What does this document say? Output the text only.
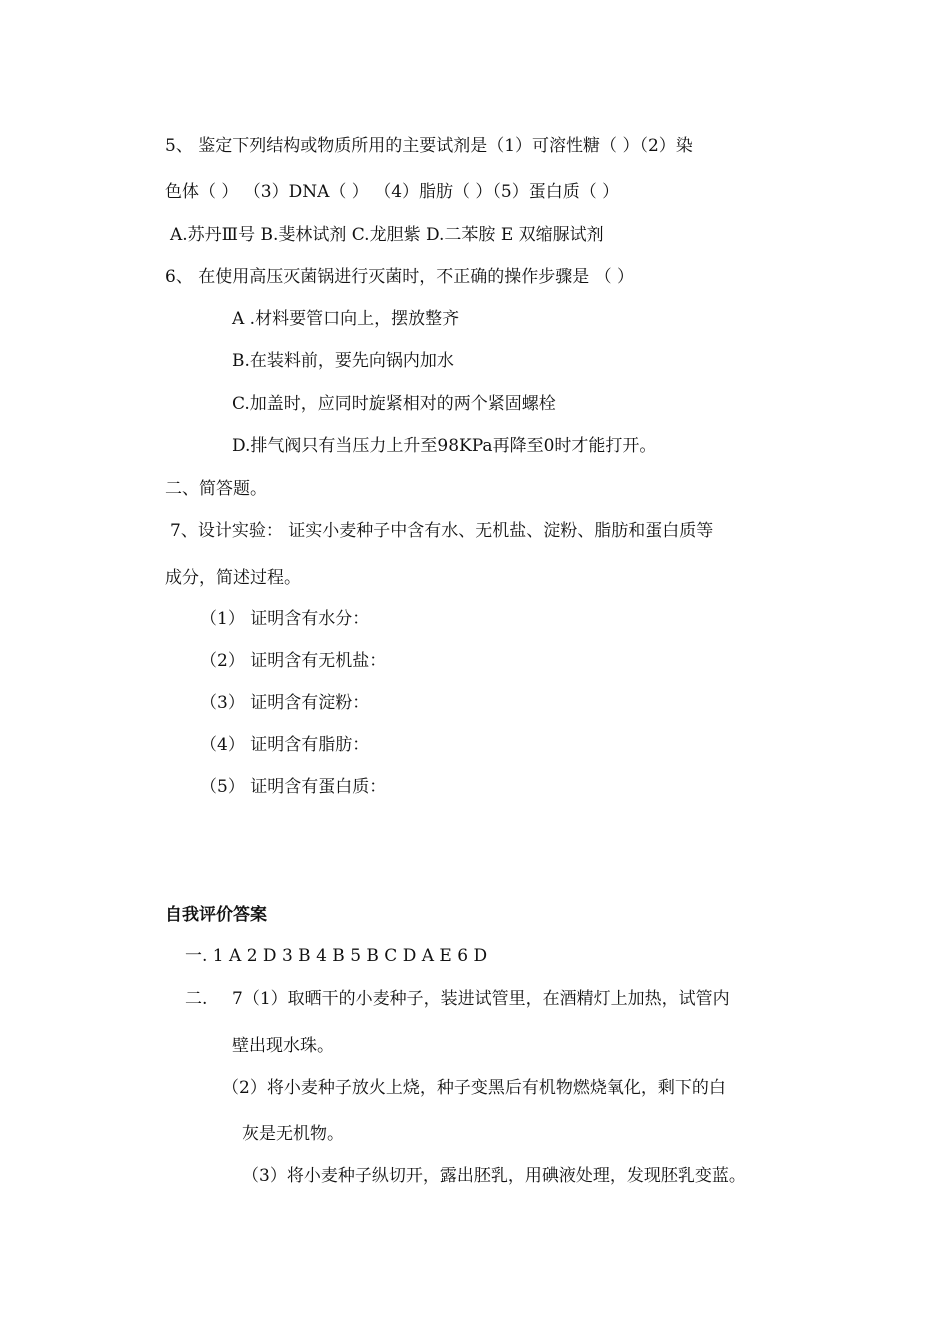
5、 鉴定下列结构或物质所用的主要试剂是（1）可溶性糖（ ）（2）染
色体（ ） （3）DNA（ ） （4）脂肪（ ）（5）蛋白质（ ）
A.苏丹Ⅲ号 B.斐林试剂 C.龙胆紫 D.二苯胺 E 双缩脲试剂
6、 在使用高压灭菌锅进行灭菌时，不正确的操作步骤是 （ ）
A .材料要管口向上，摆放整齐
B.在装料前，要先向锅内加水
C.加盖时，应同时旋紧相对的两个紧固螺栓
D.排气阀只有当压力上升至98KPa再降至0时才能打开。
二、简答题。
7、设计实验： 证实小麦种子中含有水、无机盐、淀粉、脂肪和蛋白质等
成分，简述过程。
（1） 证明含有水分：
（2） 证明含有无机盐：
（3） 证明含有淀粉：
（4） 证明含有脂肪：
（5） 证明含有蛋白质：
自我评价答案
一. 1 A 2 D 3 B 4 B 5 B C D A E 6 D
二. 7（1）取晒干的小麦种子，装进试管里，在酒精灯上加热，试管内
壁出现水珠。
（2）将小麦种子放火上烧，种子变黑后有机物燃烧氧化，剩下的白
灰是无机物。
（3）将小麦种子纵切开，露出胚乳，用碘液处理，发现胚乳变蓝。
